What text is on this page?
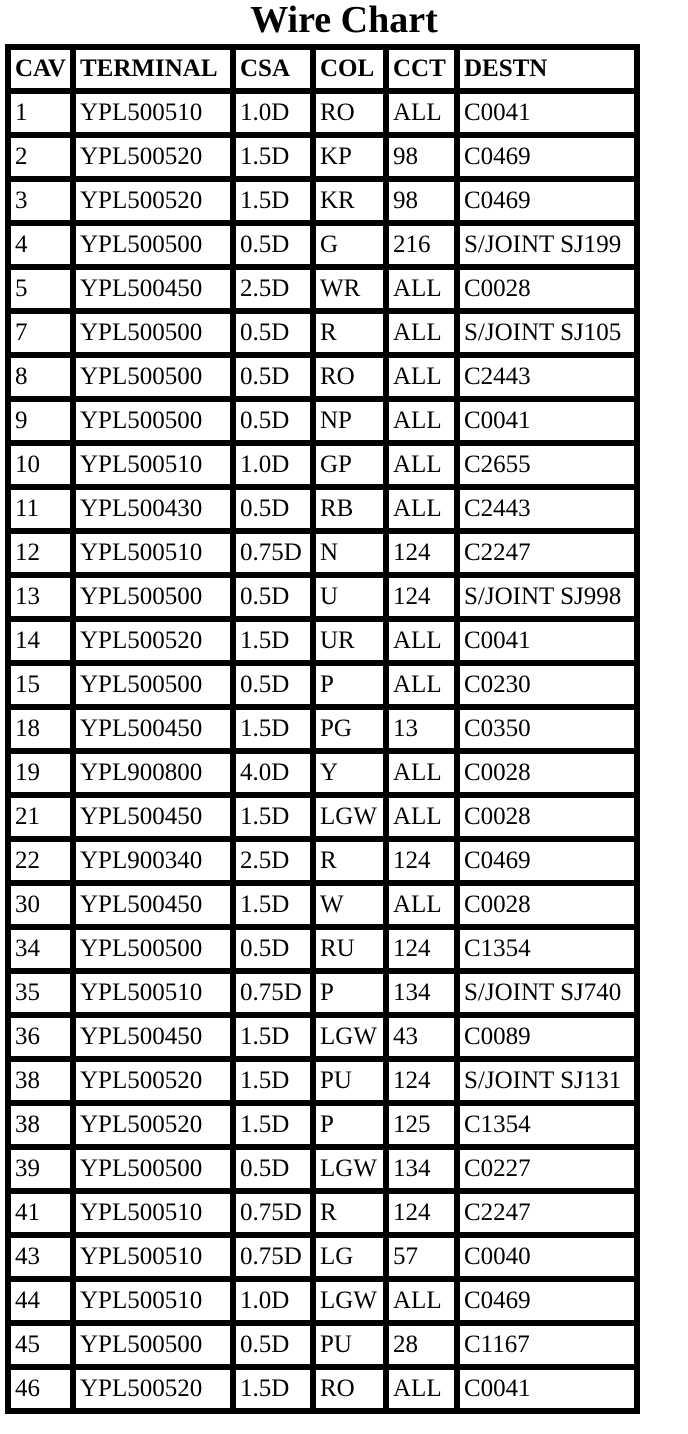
Wire Chart
CAV	TERMINAL	CSA	COL	CCT	DESTN
1	YPL500510	1.0D	RO	ALL	C0041
2	YPL500520	1.5D	KP	98	C0469
3	YPL500520	1.5D	KR	98	C0469
4	YPL500500	0.5D	G	216	S/JOINT SJ199
5	YPL500450	2.5D	WR	ALL	C0028
7	YPL500500	0.5D	R	ALL	S/JOINT SJ105
8	YPL500500	0.5D	RO	ALL	C2443
9	YPL500500	0.5D	NP	ALL	C0041
10	YPL500510	1.0D	GP	ALL	C2655
11	YPL500430	0.5D	RB	ALL	C2443
12	YPL500510	0.75D	N	124	C2247
13	YPL500500	0.5D	U	124	S/JOINT SJ998
14	YPL500520	1.5D	UR	ALL	C0041
15	YPL500500	0.5D	P	ALL	C0230
18	YPL500450	1.5D	PG	13	C0350
19	YPL900800	4.0D	Y	ALL	C0028
21	YPL500450	1.5D	LGW	ALL	C0028
22	YPL900340	2.5D	R	124	C0469
30	YPL500450	1.5D	W	ALL	C0028
34	YPL500500	0.5D	RU	124	C1354
35	YPL500510	0.75D	P	134	S/JOINT SJ740
36	YPL500450	1.5D	LGW	43	C0089
38	YPL500520	1.5D	PU	124	S/JOINT SJ131
38	YPL500520	1.5D	P	125	C1354
39	YPL500500	0.5D	LGW	134	C0227
41	YPL500510	0.75D	R	124	C2247
43	YPL500510	0.75D	LG	57	C0040
44	YPL500510	1.0D	LGW	ALL	C0469
45	YPL500500	0.5D	PU	28	C1167
46	YPL500520	1.5D	RO	ALL	C0041
